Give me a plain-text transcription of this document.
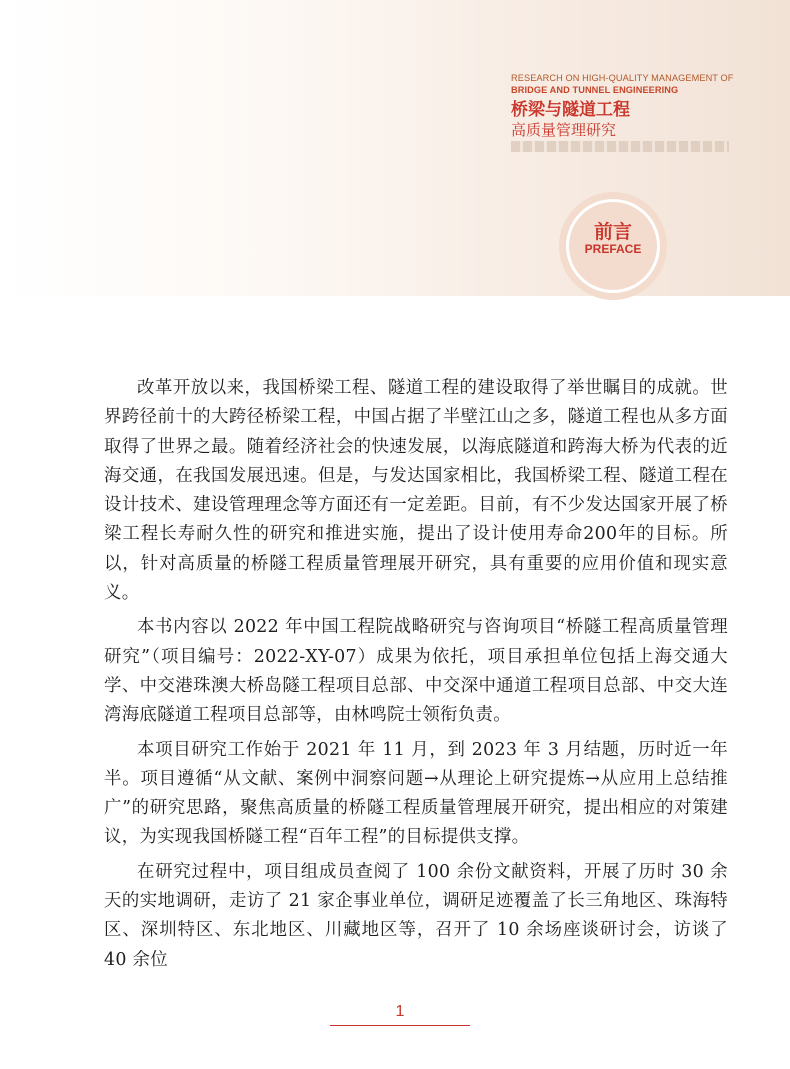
RESEARCH ON HIGH-QUALITY MANAGEMENT OF
BRIDGE AND TUNNEL ENGINEERING
桥梁与隧道工程
高质量管理研究
前言
PREFACE

改革开放以来，我国桥梁工程、隧道工程的建设取得了举世瞩目的成就。世界跨径前十的大跨径桥梁工程，中国占据了半壁江山之多，隧道工程也从多方面取得了世界之最。随着经济社会的快速发展，以海底隧道和跨海大桥为代表的近海交通，在我国发展迅速。但是，与发达国家相比，我国桥梁工程、隧道工程在设计技术、建设管理理念等方面还有一定差距。目前，有不少发达国家开展了桥梁工程长寿耐久性的研究和推进实施，提出了设计使用寿命200年的目标。所以，针对高质量的桥隧工程质量管理展开研究，具有重要的应用价值和现实意义。

本书内容以 2022 年中国工程院战略研究与咨询项目“桥隧工程高质量管理研究”（项目编号：2022-XY-07）成果为依托，项目承担单位包括上海交通大学、中交港珠澳大桥岛隧工程项目总部、中交深中通道工程项目总部、中交大连湾海底隧道工程项目总部等，由林鸣院士领衔负责。

本项目研究工作始于 2021 年 11 月，到 2023 年 3 月结题，历时近一年半。项目遵循“从文献、案例中洞察问题→从理论上研究提炼→从应用上总结推广”的研究思路，聚焦高质量的桥隧工程质量管理展开研究，提出相应的对策建议，为实现我国桥隧工程“百年工程”的目标提供支撑。

在研究过程中，项目组成员查阅了 100 余份文献资料，开展了历时 30 余天的实地调研，走访了 21 家企事业单位，调研足迹覆盖了长三角地区、珠海特区、深圳特区、东北地区、川藏地区等，召开了 10 余场座谈研讨会，访谈了 40 余位

1
